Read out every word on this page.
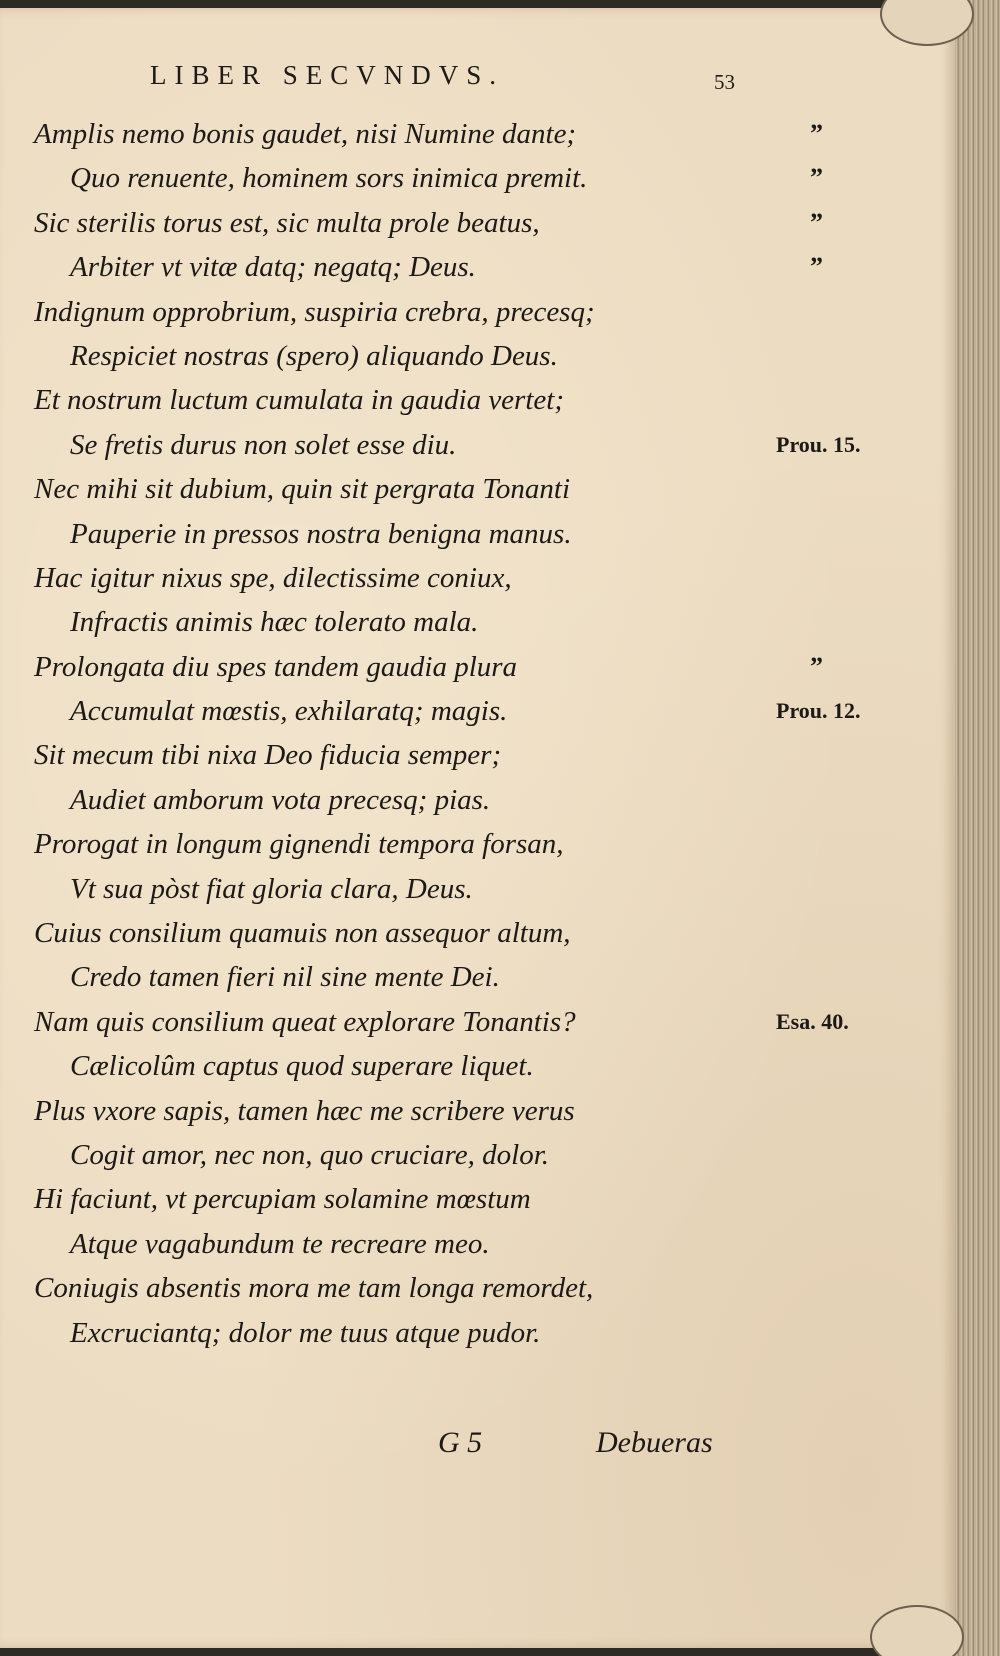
LIBER SECVNDVS.	53
Amplis nemo bonis gaudet, nisi Numine dante;	”
Quo renuente, hominem sors inimica premit.	”
Sic sterilis torus est, sic multa prole beatus,	”
Arbiter vt vitæ datq; negatq; Deus.	”
Indignum opprobrium, suspiria crebra, precesq;
Respiciet nostras (spero) aliquando Deus.
Et nostrum luctum cumulata in gaudia vertet;
Se fretis durus non solet esse diu.	Prou. 15.
Nec mihi sit dubium, quin sit pergrata Tonanti
Pauperie in pressos nostra benigna manus.
Hac igitur nixus spe, dilectissime coniux,
Infractis animis hæc tolerato mala.
Prolongata diu spes tandem gaudia plura	”
Accumulat mœstis, exhilaratq; magis.	Prou. 12.
Sit mecum tibi nixa Deo fiducia semper;
Audiet amborum vota precesq; pias.
Prorogat in longum gignendi tempora forsan,
Vt sua pòst fiat gloria clara, Deus.
Cuius consilium quamuis non assequor altum,
Credo tamen fieri nil sine mente Dei.
Nam quis consilium queat explorare Tonantis?	Esa. 40.
Cælicolûm captus quod superare liquet.
Plus vxore sapis, tamen hæc me scribere verus
Cogit amor, nec non, quo cruciare, dolor.
Hi faciunt, vt percupiam solamine mœstum
Atque vagabundum te recreare meo.
Coniugis absentis mora me tam longa remordet,
Excruciantq; dolor me tuus atque pudor.
G 5	Debueras
